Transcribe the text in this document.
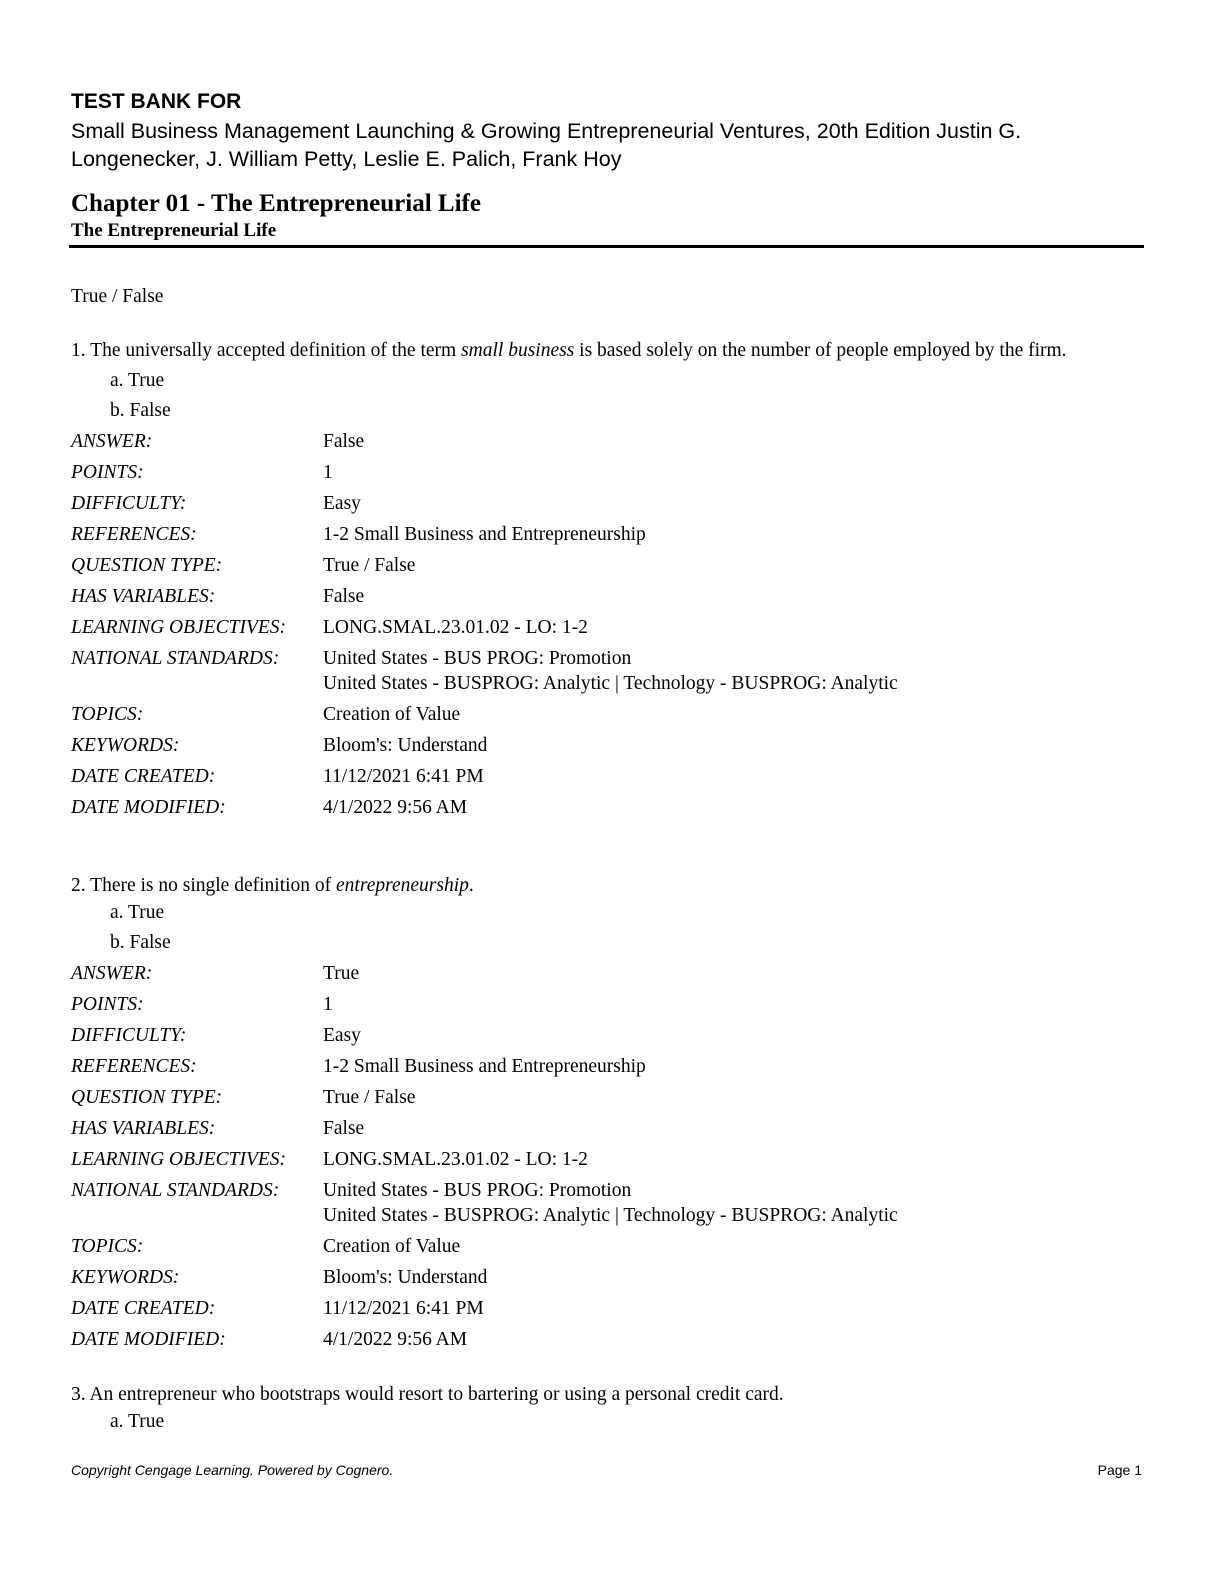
TEST BANK FOR
Small Business Management Launching & Growing Entrepreneurial Ventures, 20th Edition Justin G. Longenecker, J. William Petty, Leslie E. Palich, Frank Hoy
Chapter 01 - The Entrepreneurial Life
The Entrepreneurial Life
True / False

1. The universally accepted definition of the term small business is based solely on the number of people employed by the firm.

a. True
b. False
ANSWER:	False
POINTS:	1
DIFFICULTY:	Easy
REFERENCES:	1-2 Small Business and Entrepreneurship
QUESTION TYPE:	True / False
HAS VARIABLES:	False
LEARNING OBJECTIVES:	LONG.SMAL.23.01.02 - LO: 1-2
NATIONAL STANDARDS:	United States - BUS PROG: Promotion
United States - BUSPROG: Analytic | Technology - BUSPROG: Analytic
TOPICS:	Creation of Value
KEYWORDS:	Bloom's: Understand
DATE CREATED:	11/12/2021 6:41 PM
DATE MODIFIED:	4/1/2022 9:56 AM

2. There is no single definition of entrepreneurship.

a. True
b. False
ANSWER:	True
POINTS:	1
DIFFICULTY:	Easy
REFERENCES:	1-2 Small Business and Entrepreneurship
QUESTION TYPE:	True / False
HAS VARIABLES:	False
LEARNING OBJECTIVES:	LONG.SMAL.23.01.02 - LO: 1-2
NATIONAL STANDARDS:	United States - BUS PROG: Promotion
United States - BUSPROG: Analytic | Technology - BUSPROG: Analytic
TOPICS:	Creation of Value
KEYWORDS:	Bloom's: Understand
DATE CREATED:	11/12/2021 6:41 PM
DATE MODIFIED:	4/1/2022 9:56 AM

3. An entrepreneur who bootstraps would resort to bartering or using a personal credit card.

a. True
Copyright Cengage Learning. Powered by Cognero.	Page 1
